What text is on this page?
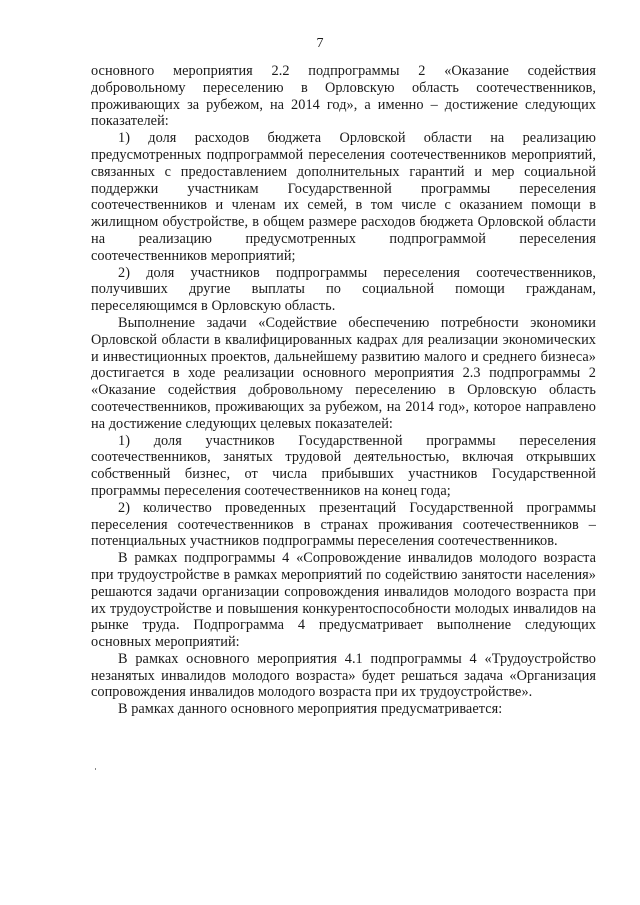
7

основного мероприятия 2.2 подпрограммы 2 «Оказание содействия добровольному переселению в Орловскую область соотечественников, проживающих за рубежом, на 2014 год», а именно – достижение следующих показателей:

1) доля расходов бюджета Орловской области на реализацию предусмотренных подпрограммой переселения соотечественников мероприятий, связанных с предоставлением дополнительных гарантий и мер социальной поддержки участникам Государственной программы переселения соотечественников и членам их семей, в том числе с оказанием помощи в жилищном обустройстве, в общем размере расходов бюджета Орловской области на реализацию предусмотренных подпрограммой переселения соотечественников мероприятий;

2) доля участников подпрограммы переселения соотечественников, получивших другие выплаты по социальной помощи гражданам, переселяющимся в Орловскую область.

Выполнение задачи «Содействие обеспечению потребности экономики Орловской области в квалифицированных кадрах для реализации экономических и инвестиционных проектов, дальнейшему развитию малого и среднего бизнеса» достигается в ходе реализации основного мероприятия 2.3 подпрограммы 2 «Оказание содействия добровольному переселению в Орловскую область соотечественников, проживающих за рубежом, на 2014 год», которое направлено на достижение следующих целевых показателей:

1) доля участников Государственной программы переселения соотечественников, занятых трудовой деятельностью, включая открывших собственный бизнес, от числа прибывших участников Государственной программы переселения соотечественников на конец года;

2) количество проведенных презентаций Государственной программы переселения соотечественников в странах проживания соотечественников – потенциальных участников подпрограммы переселения соотечественников.

В рамках подпрограммы 4 «Сопровождение инвалидов молодого возраста при трудоустройстве в рамках мероприятий по содействию занятости населения» решаются задачи организации сопровождения инвалидов молодого возраста при их трудоустройстве и повышения конкурентоспособности молодых инвалидов на рынке труда. Подпрограмма 4 предусматривает выполнение следующих основных мероприятий:

В рамках основного мероприятия 4.1 подпрограммы 4 «Трудоустройство незанятых инвалидов молодого возраста» будет решаться задача «Организация сопровождения инвалидов молодого возраста при их трудоустройстве».

В рамках данного основного мероприятия предусматривается:
